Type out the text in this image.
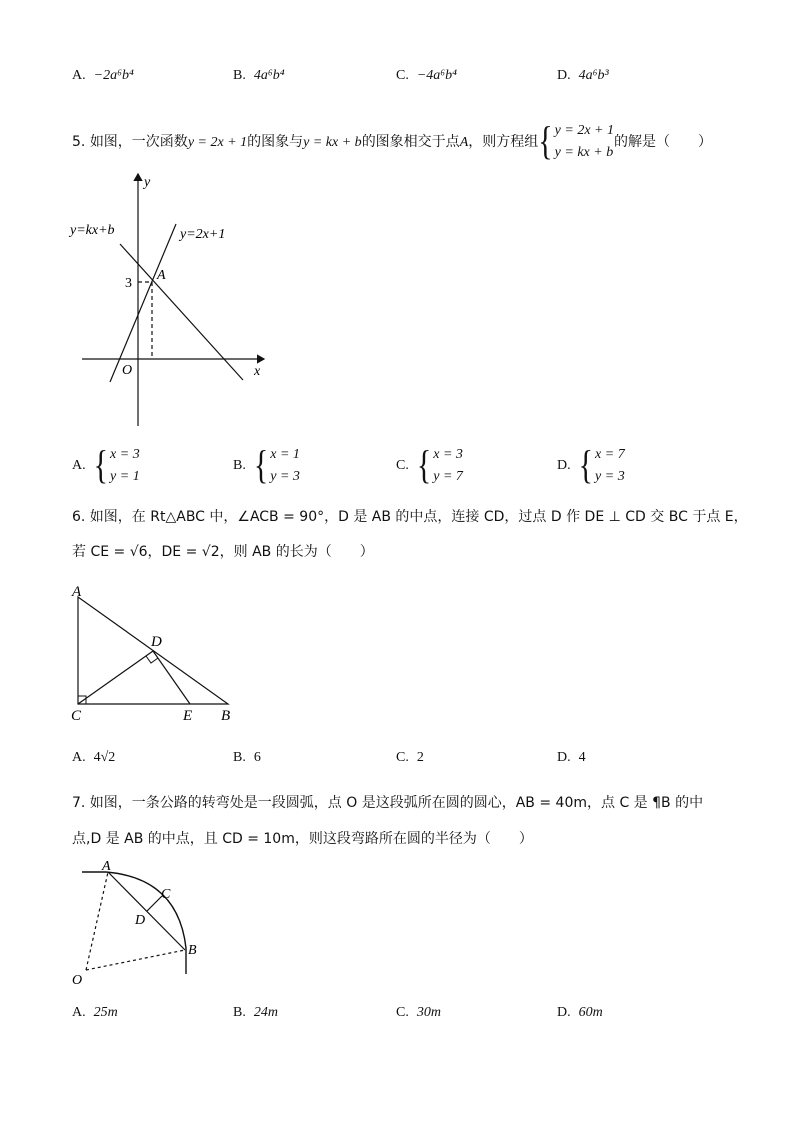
A. −2a⁶b⁴	B. 4a⁶b⁴	C. −4a⁶b⁴	D. 4a⁶b³
5. 如图，一次函数y = 2x + 1的图象与y = kx + b的图象相交于点A，则方程组 { y = 2x + 1
y = kx + b
的解是（　　）
y
x
O
3
A
y=kx+b	y=2x+1
A. { x = 3
y = 1
B. { x = 1
y = 3
C. { x = 3
y = 7
D. { x = 7
y = 3
6. 如图，在 Rt△ABC 中，∠ACB = 90°，D 是 AB 的中点，连接 CD，过点 D 作 DE ⊥ CD 交 BC 于点 E，
若 CE = √6，DE = √2，则 AB 的长为（　　）
A
C
D
E B
A. 4√2	B. 6	C. 2	D. 4
7. 如图，一条公路的转弯处是一段圆弧，点 O 是这段弧所在圆的圆心，AB = 40m，点 C 是 ¶B 的中
点,D 是 AB 的中点，且 CD = 10m，则这段弯路所在圆的半径为（　　）
A
C
D
B
O
A. 25m	B. 24m	C. 30m	D. 60m
